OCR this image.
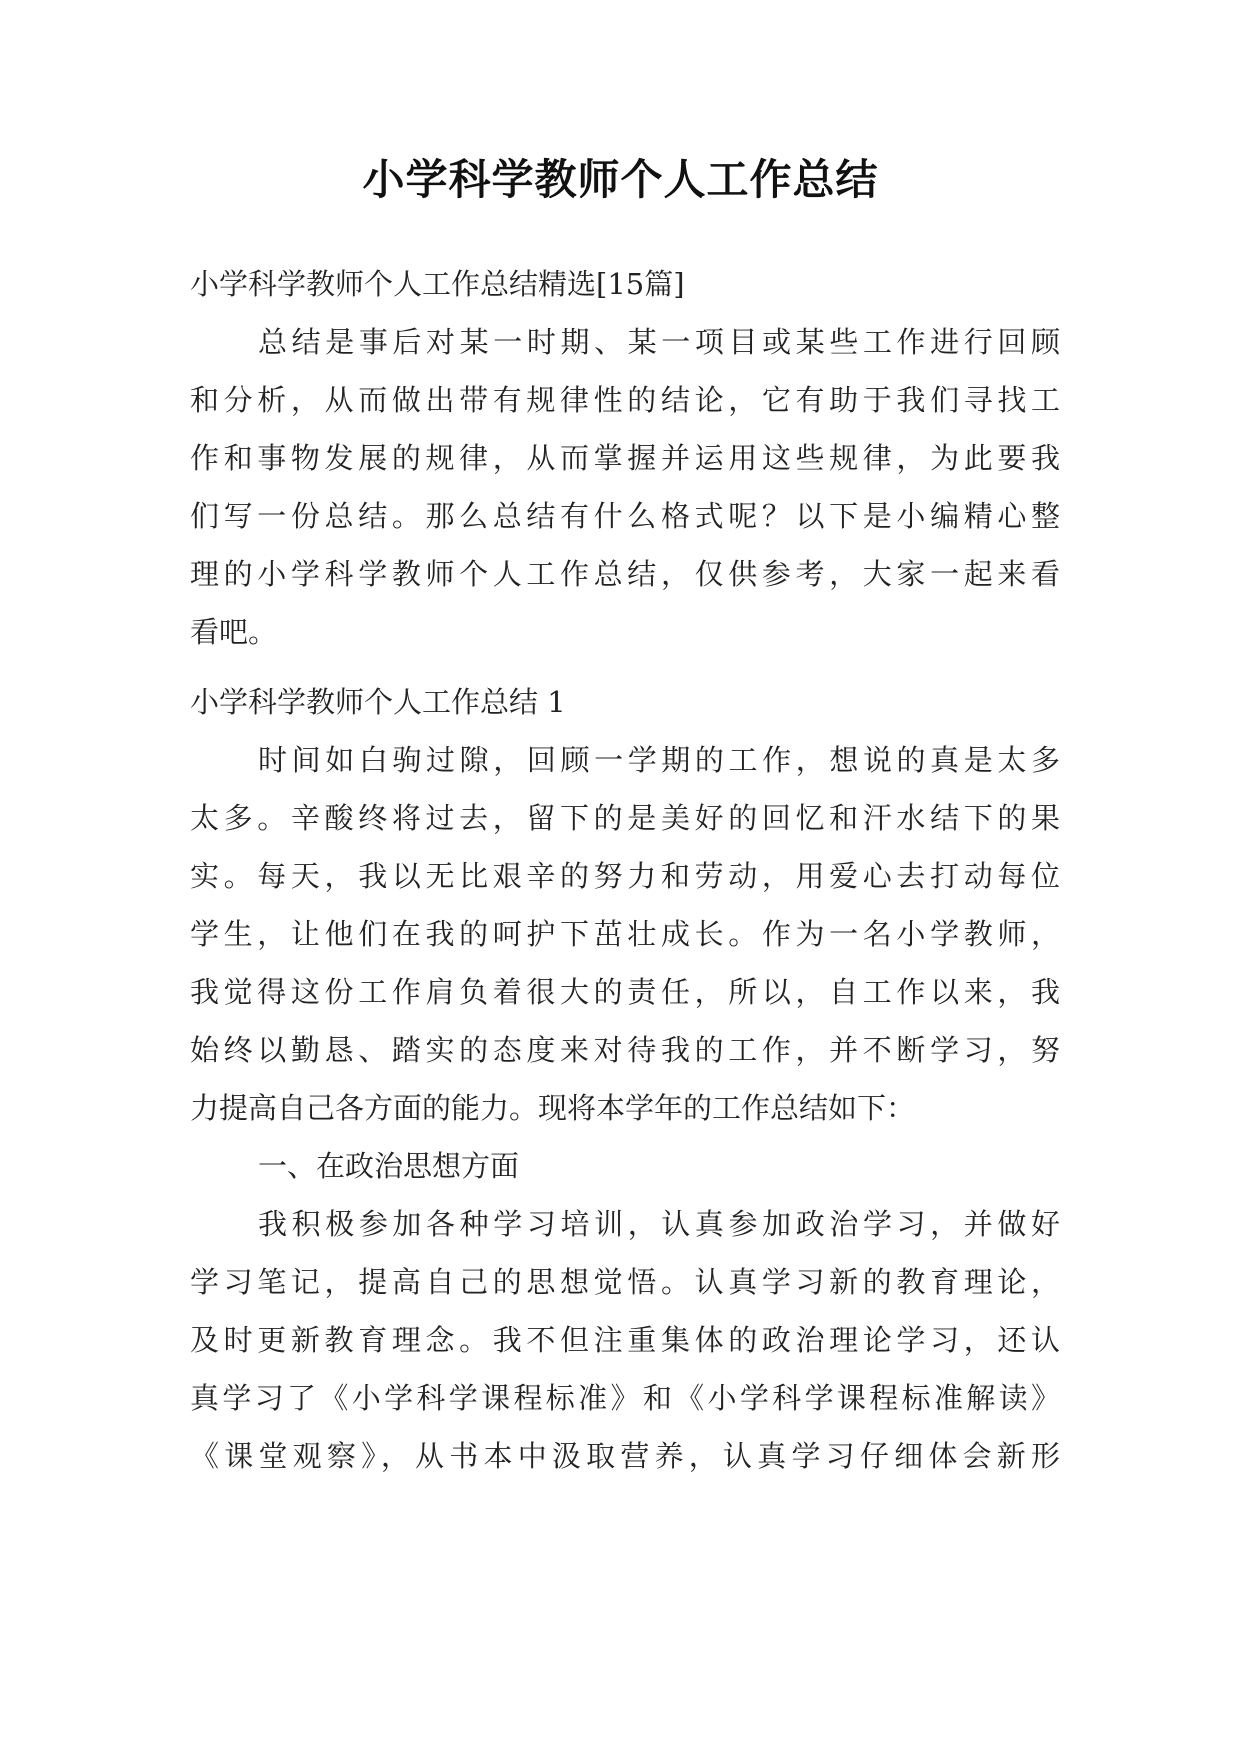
小学科学教师个人工作总结
小学科学教师个人工作总结精选[15篇]
总结是事后对某一时期、某一项目或某些工作进行回顾
和分析，从而做出带有规律性的结论，它有助于我们寻找工
作和事物发展的规律，从而掌握并运用这些规律，为此要我
们写一份总结。那么总结有什么格式呢？以下是小编精心整
理的小学科学教师个人工作总结，仅供参考，大家一起来看
看吧。
小学科学教师个人工作总结 1
时间如白驹过隙，回顾一学期的工作，想说的真是太多
太多。辛酸终将过去，留下的是美好的回忆和汗水结下的果
实。每天，我以无比艰辛的努力和劳动，用爱心去打动每位
学生，让他们在我的呵护下茁壮成长。作为一名小学教师，
我觉得这份工作肩负着很大的责任，所以，自工作以来，我
始终以勤恳、踏实的态度来对待我的工作，并不断学习，努
力提高自己各方面的能力。现将本学年的工作总结如下：
一、在政治思想方面
我积极参加各种学习培训，认真参加政治学习，并做好
学习笔记，提高自己的思想觉悟。认真学习新的教育理论，
及时更新教育理念。我不但注重集体的政治理论学习，还认
真学习了《小学科学课程标准》和《小学科学课程标准解读》
《课堂观察》，从书本中汲取营养，认真学习仔细体会新形
